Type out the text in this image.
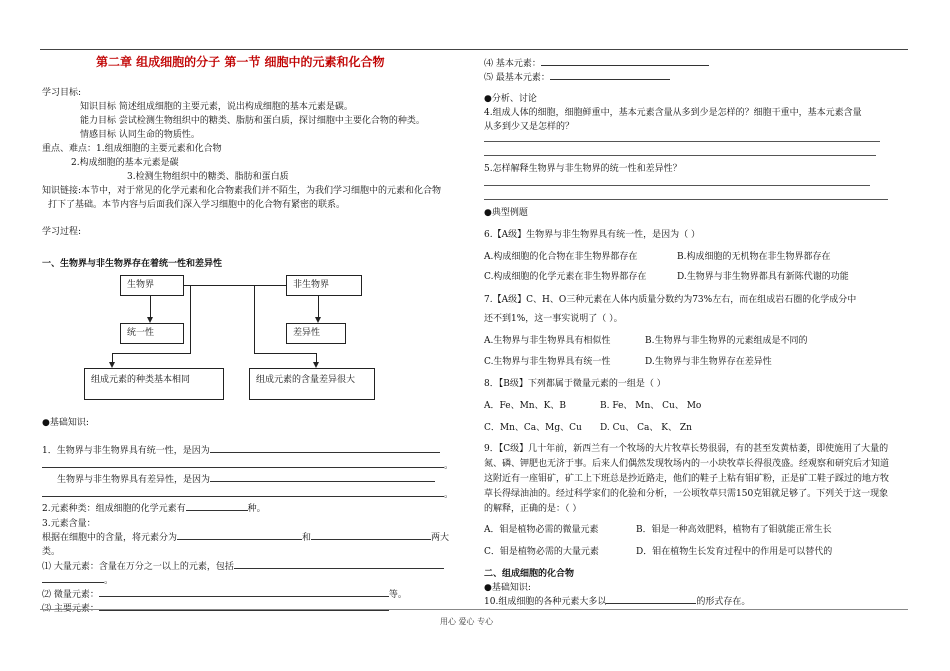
第二章 组成细胞的分子 第一节 细胞中的元素和化合物
学习目标:
知识目标 简述组成细胞的主要元素，说出构成细胞的基本元素是碳。
能力目标 尝试检测生物组织中的糖类、脂肪和蛋白质，探讨细胞中主要化合物的种类。
情感目标 认同生命的物质性。
重点、难点：1.组成细胞的主要元素和化合物
2.构成细胞的基本元素是碳
3.检测生物组织中的糖类、脂肪和蛋白质
知识链接:本节中，对于常见的化学元素和化合物素我们并不陌生，为我们学习细胞中的元素和化合物
打下了基础。本节内容与后面我们深入学习细胞中的化合物有紧密的联系。
学习过程:
一、生物界与非生物界存在着统一性和差异性
生物界	非生物界
统一性	差异性
组成元素的种类基本相同	组成元素的含量差异很大
●基础知识:
1．生物界与非生物界具有统一性，是因为
。
生物界与非生物界具有差异性，是因为
。
2.元素种类：组成细胞的化学元素有	种。
3.元素含量：
根据在细胞中的含量，将元素分为	和	两大
类。
⑴ 大量元素：含量在万分之一以上的元素，包括
。
⑵ 微量元素：	等。
⑶ 主要元素：
⑷ 基本元素：
⑸ 最基本元素：
●分析、讨论
4.组成人体的细胞，细胞鲜重中，基本元素含量从多到少是怎样的？细胞干重中，基本元素含量
从多到少又是怎样的？
5.怎样解释生物界与非生物界的统一性和差异性？
●典型例题
6.【A级】生物界与非生物界具有统一性，是因为（ ）
A.构成细胞的化合物在非生物界都存在	B.构成细胞的无机物在非生物界都存在
C.构成细胞的化学元素在非生物界都存在	D.生物界与非生物界都具有新陈代谢的功能
7.【A级】C、H、O三种元素在人体内质量分数约为73%左右，而在组成岩石圈的化学成分中
还不到1%，这一事实说明了（ ）。
A.生物界与非生物界具有相似性	B.生物界与非生物界的元素组成是不同的
C.生物界与非生物界具有统一性	D.生物界与非生物界存在差异性
8．【B级】下列都属于微量元素的一组是（ ）
A．Fe、Mn、K、B	B. Fe、 Mn、 Cu、 Mo
C．Mn、Ca、Mg、Cu D. Cu、 Ca、 K、 Zn
9．【C级】几十年前，新西兰有一个牧场的大片牧草长势很弱，有的甚至发黄枯萎，即使施用了大量的
氮、磷、钾肥也无济于事。后来人们偶然发现牧场内的一小块牧草长得很茂盛。经观察和研究后才知道
这附近有一座钼矿，矿工上下班总是抄近路走，他们的鞋子上粘有钼矿粉，正是矿工鞋子踩过的地方牧
草长得绿油油的。经过科学家们的化验和分析，一公顷牧草只需150克钼就足够了。下列关于这一现象
的解释，正确的是：（ ）
A．钼是植物必需的微量元素	B．钼是一种高效肥料，植物有了钼就能正常生长
C．钼是植物必需的大量元素	D．钼在植物生长发育过程中的作用是可以替代的
二、组成细胞的化合物
●基础知识:
10.组成细胞的各种元素大多以	的形式存在。
用心 爱心 专心
